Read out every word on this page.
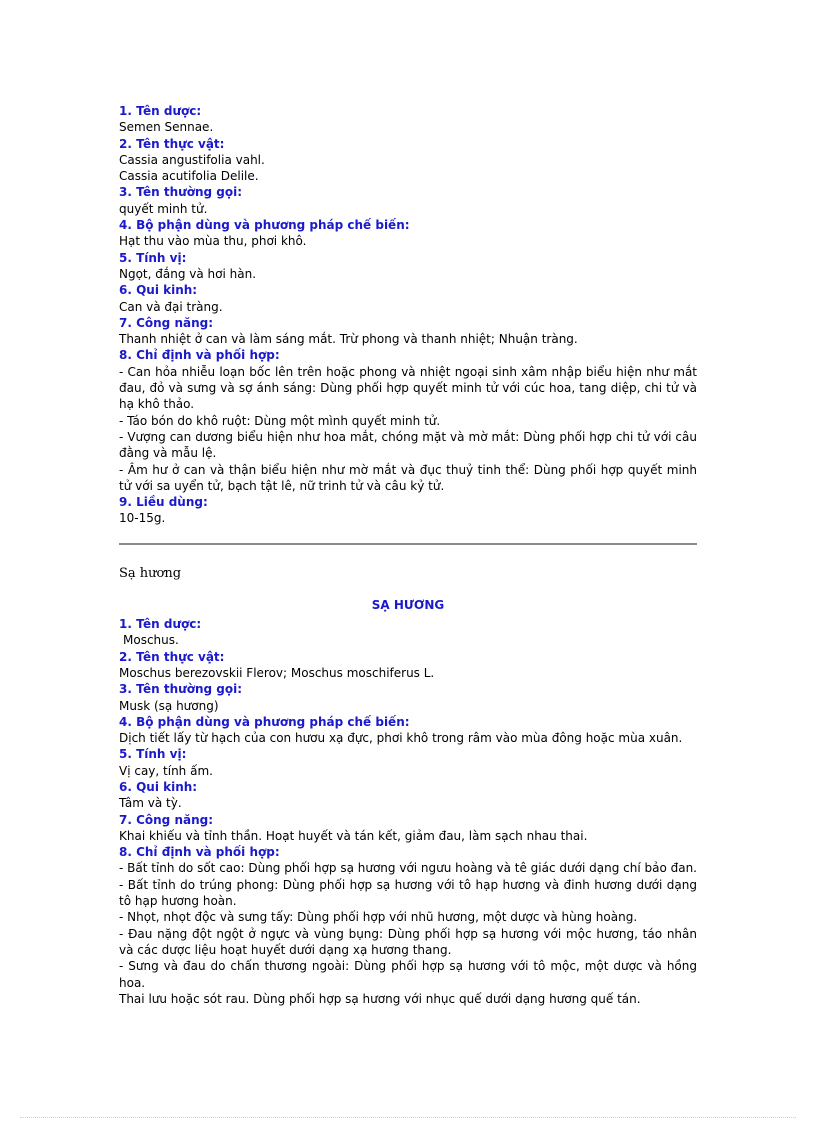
1. Tên dược:
Semen Sennae.
2. Tên thực vật:
Cassia angustifolia vahl.
Cassia acutifolia Delile.
3. Tên thường gọi:
quyết minh tử.
4. Bộ phận dùng và phương pháp chế biến:
Hạt thu vào mùa thu, phơi khô.
5. Tính vị:
Ngọt, đắng và hơi hàn.
6. Qui kinh:
Can và đại tràng.
7. Công năng:
Thanh nhiệt ở can và làm sáng mắt. Trừ phong và thanh nhiệt; Nhuận tràng.
8. Chỉ định và phối hợp:
- Can hỏa nhiễu loạn bốc lên trên hoặc phong và nhiệt ngoại sinh xâm nhập biểu hiện như mắt đau, đỏ và sưng và sợ ánh sáng: Dùng phối hợp quyết minh tử với cúc hoa, tang diệp, chi tử và hạ khô thảo.
- Táo bón do khô ruột: Dùng một mình quyết minh tử.
- Vượng can dương biểu hiện như hoa mắt, chóng mặt và mờ mắt: Dùng phối hợp chi tử với câu đằng và mẫu lệ.
- Âm hư ở can và thận biểu hiện như mờ mắt và đục thuỷ tinh thể: Dùng phối hợp quyết minh tử với sa uyển tử, bạch tật lê, nữ trinh tử và câu kỷ tử.
9. Liều dùng:
10-15g.
Sạ hương
SẠ HƯƠNG
1. Tên dược:
Moschus.
2. Tên thực vật:
Moschus berezovskii Flerov; Moschus moschiferus L.
3. Tên thường gọi:
Musk (sạ hương)
4. Bộ phận dùng và phương pháp chế biến:
Dịch tiết lấy từ hạch của con hươu xạ đực, phơi khô trong râm vào mùa đông hoặc mùa xuân.
5. Tính vị:
Vị cay, tính ấm.
6. Qui kinh:
Tâm và tỳ.
7. Công năng:
Khai khiếu và tỉnh thần. Hoạt huyết và tán kết, giảm đau, làm sạch nhau thai.
8. Chỉ định và phối hợp:
- Bất tỉnh do sốt cao: Dùng phối hợp sạ hương với ngưu hoàng và tê giác dưới dạng chí bảo đan.
- Bất tỉnh do trúng phong: Dùng phối hợp sạ hương với tô hạp hương và đinh hương dưới dạng tô hạp hương hoàn.
- Nhọt, nhọt độc và sưng tấy: Dùng phối hợp với nhũ hương, một dược và hùng hoàng.
- Đau nặng đột ngột ở ngực và vùng bụng: Dùng phối hợp sạ hương với mộc hương, táo nhân và các dược liệu hoạt huyết dưới dạng xạ hương thang.
- Sưng và đau do chấn thương ngoài: Dùng phối hợp sạ hương với tô mộc, một dược và hồng hoa.
Thai lưu hoặc sót rau. Dùng phối hợp sạ hương với nhục quế dưới dạng hương quế tán.
